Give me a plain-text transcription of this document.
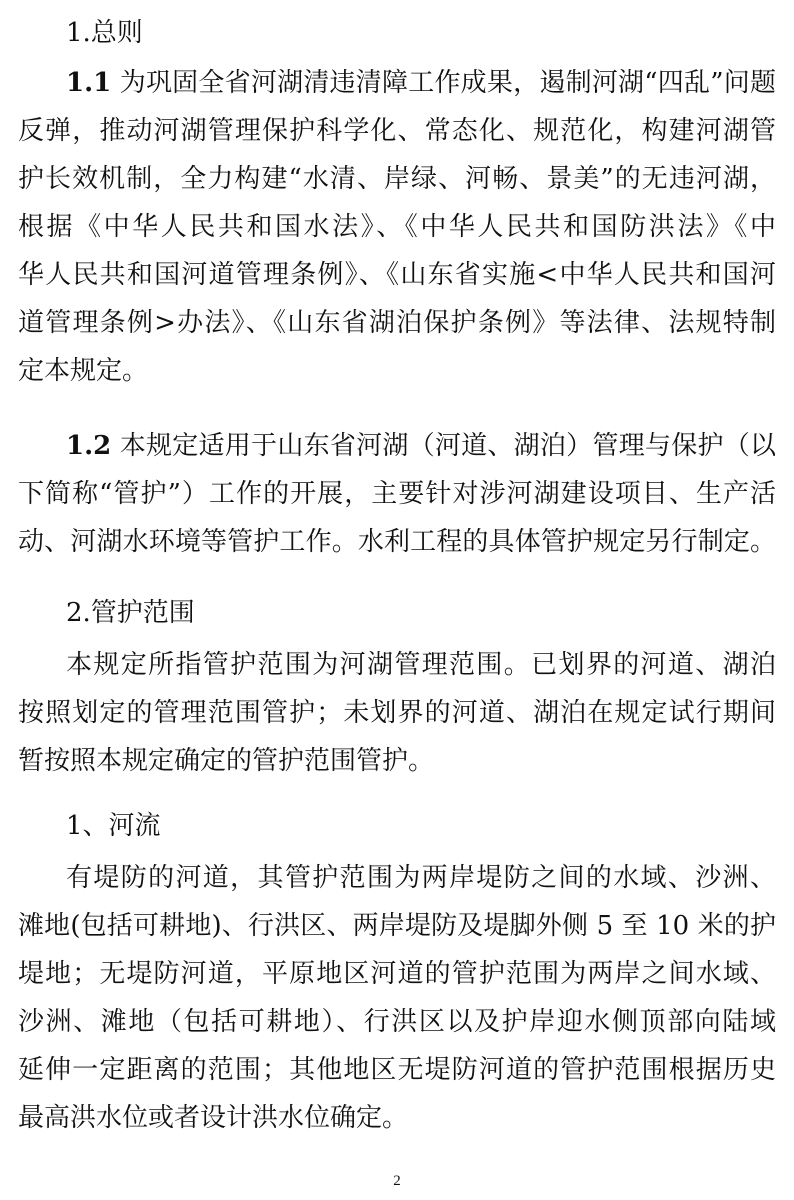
1.总则
1.1 为巩固全省河湖清违清障工作成果，遏制河湖“四乱”问题
反弹，推动河湖管理保护科学化、常态化、规范化，构建河湖管
护长效机制，全力构建“水清、岸绿、河畅、景美”的无违河湖，
根据《中华人民共和国水法》、《中华人民共和国防洪法》《中
华人民共和国河道管理条例》、《山东省实施<中华人民共和国河
道管理条例>办法》、《山东省湖泊保护条例》等法律、法规特制
定本规定。
1.2 本规定适用于山东省河湖（河道、湖泊）管理与保护（以
下简称“管护”）工作的开展，主要针对涉河湖建设项目、生产活
动、河湖水环境等管护工作。水利工程的具体管护规定另行制定。
2.管护范围
本规定所指管护范围为河湖管理范围。已划界的河道、湖泊
按照划定的管理范围管护；未划界的河道、湖泊在规定试行期间
暂按照本规定确定的管护范围管护。
1、河流
有堤防的河道，其管护范围为两岸堤防之间的水域、沙洲、
滩地(包括可耕地)、行洪区、两岸堤防及堤脚外侧 5 至 10 米的护
堤地；无堤防河道，平原地区河道的管护范围为两岸之间水域、
沙洲、滩地（包括可耕地）、行洪区以及护岸迎水侧顶部向陆域
延伸一定距离的范围；其他地区无堤防河道的管护范围根据历史
最高洪水位或者设计洪水位确定。
2
